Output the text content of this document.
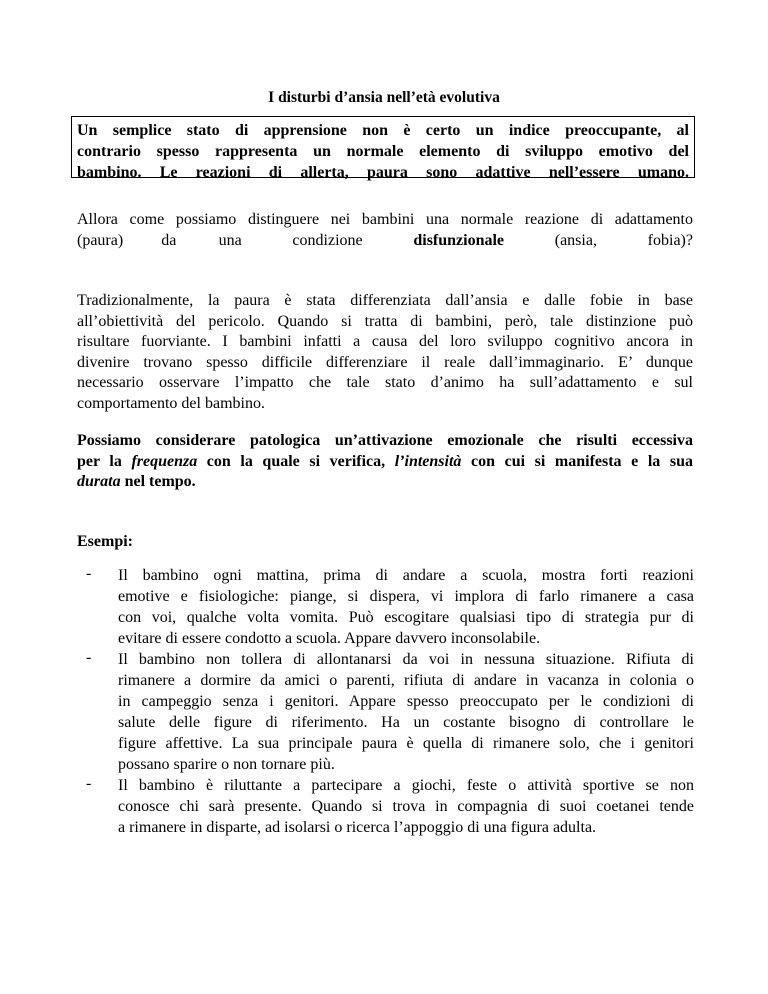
I disturbi d’ansia nell’età evolutiva
Un semplice stato di apprensione non è certo un indice preoccupante, al
contrario spesso rappresenta un normale elemento di sviluppo emotivo del
bambino. Le reazioni di allerta, paura sono adattive nell’essere umano.
Allora come possiamo distinguere nei bambini una normale reazione di adattamento
(paura)         da          una            condizione            disfunzionale            (ansia,            fobia)?
Tradizionalmente, la paura è stata differenziata dall’ansia e dalle fobie in base
all’obiettività del pericolo. Quando si tratta di bambini, però, tale distinzione può
risultare fuorviante. I bambini infatti a causa del loro sviluppo cognitivo ancora in
divenire trovano spesso difficile differenziare il reale dall’immaginario. E’ dunque
necessario osservare l’impatto che tale stato d’animo ha sull’adattamento e sul
comportamento del bambino.
Possiamo considerare patologica un’attivazione emozionale che risulti eccessiva
per la frequenza con la quale si verifica, l’intensità con cui si manifesta e la sua
durata nel tempo.
Esempi:
- Il bambino ogni mattina, prima di andare a scuola, mostra forti reazioni
emotive e fisiologiche: piange, si dispera, vi implora di farlo rimanere a casa
con voi, qualche volta vomita. Può escogitare qualsiasi tipo di strategia pur di
evitare di essere condotto a scuola. Appare davvero inconsolabile.
- Il bambino non tollera di allontanarsi da voi in nessuna situazione. Rifiuta di
rimanere a dormire da amici o parenti, rifiuta di andare in vacanza in colonia o
in campeggio senza i genitori. Appare spesso preoccupato per le condizioni di
salute delle figure di riferimento. Ha un costante bisogno di controllare le
figure affettive. La sua principale paura è quella di rimanere solo, che i genitori
possano sparire o non tornare più.
- Il bambino è riluttante a partecipare a giochi, feste o attività sportive se non
conosce chi sarà presente. Quando si trova in compagnia di suoi coetanei tende
a rimanere in disparte, ad isolarsi o ricerca l’appoggio di una figura adulta.
